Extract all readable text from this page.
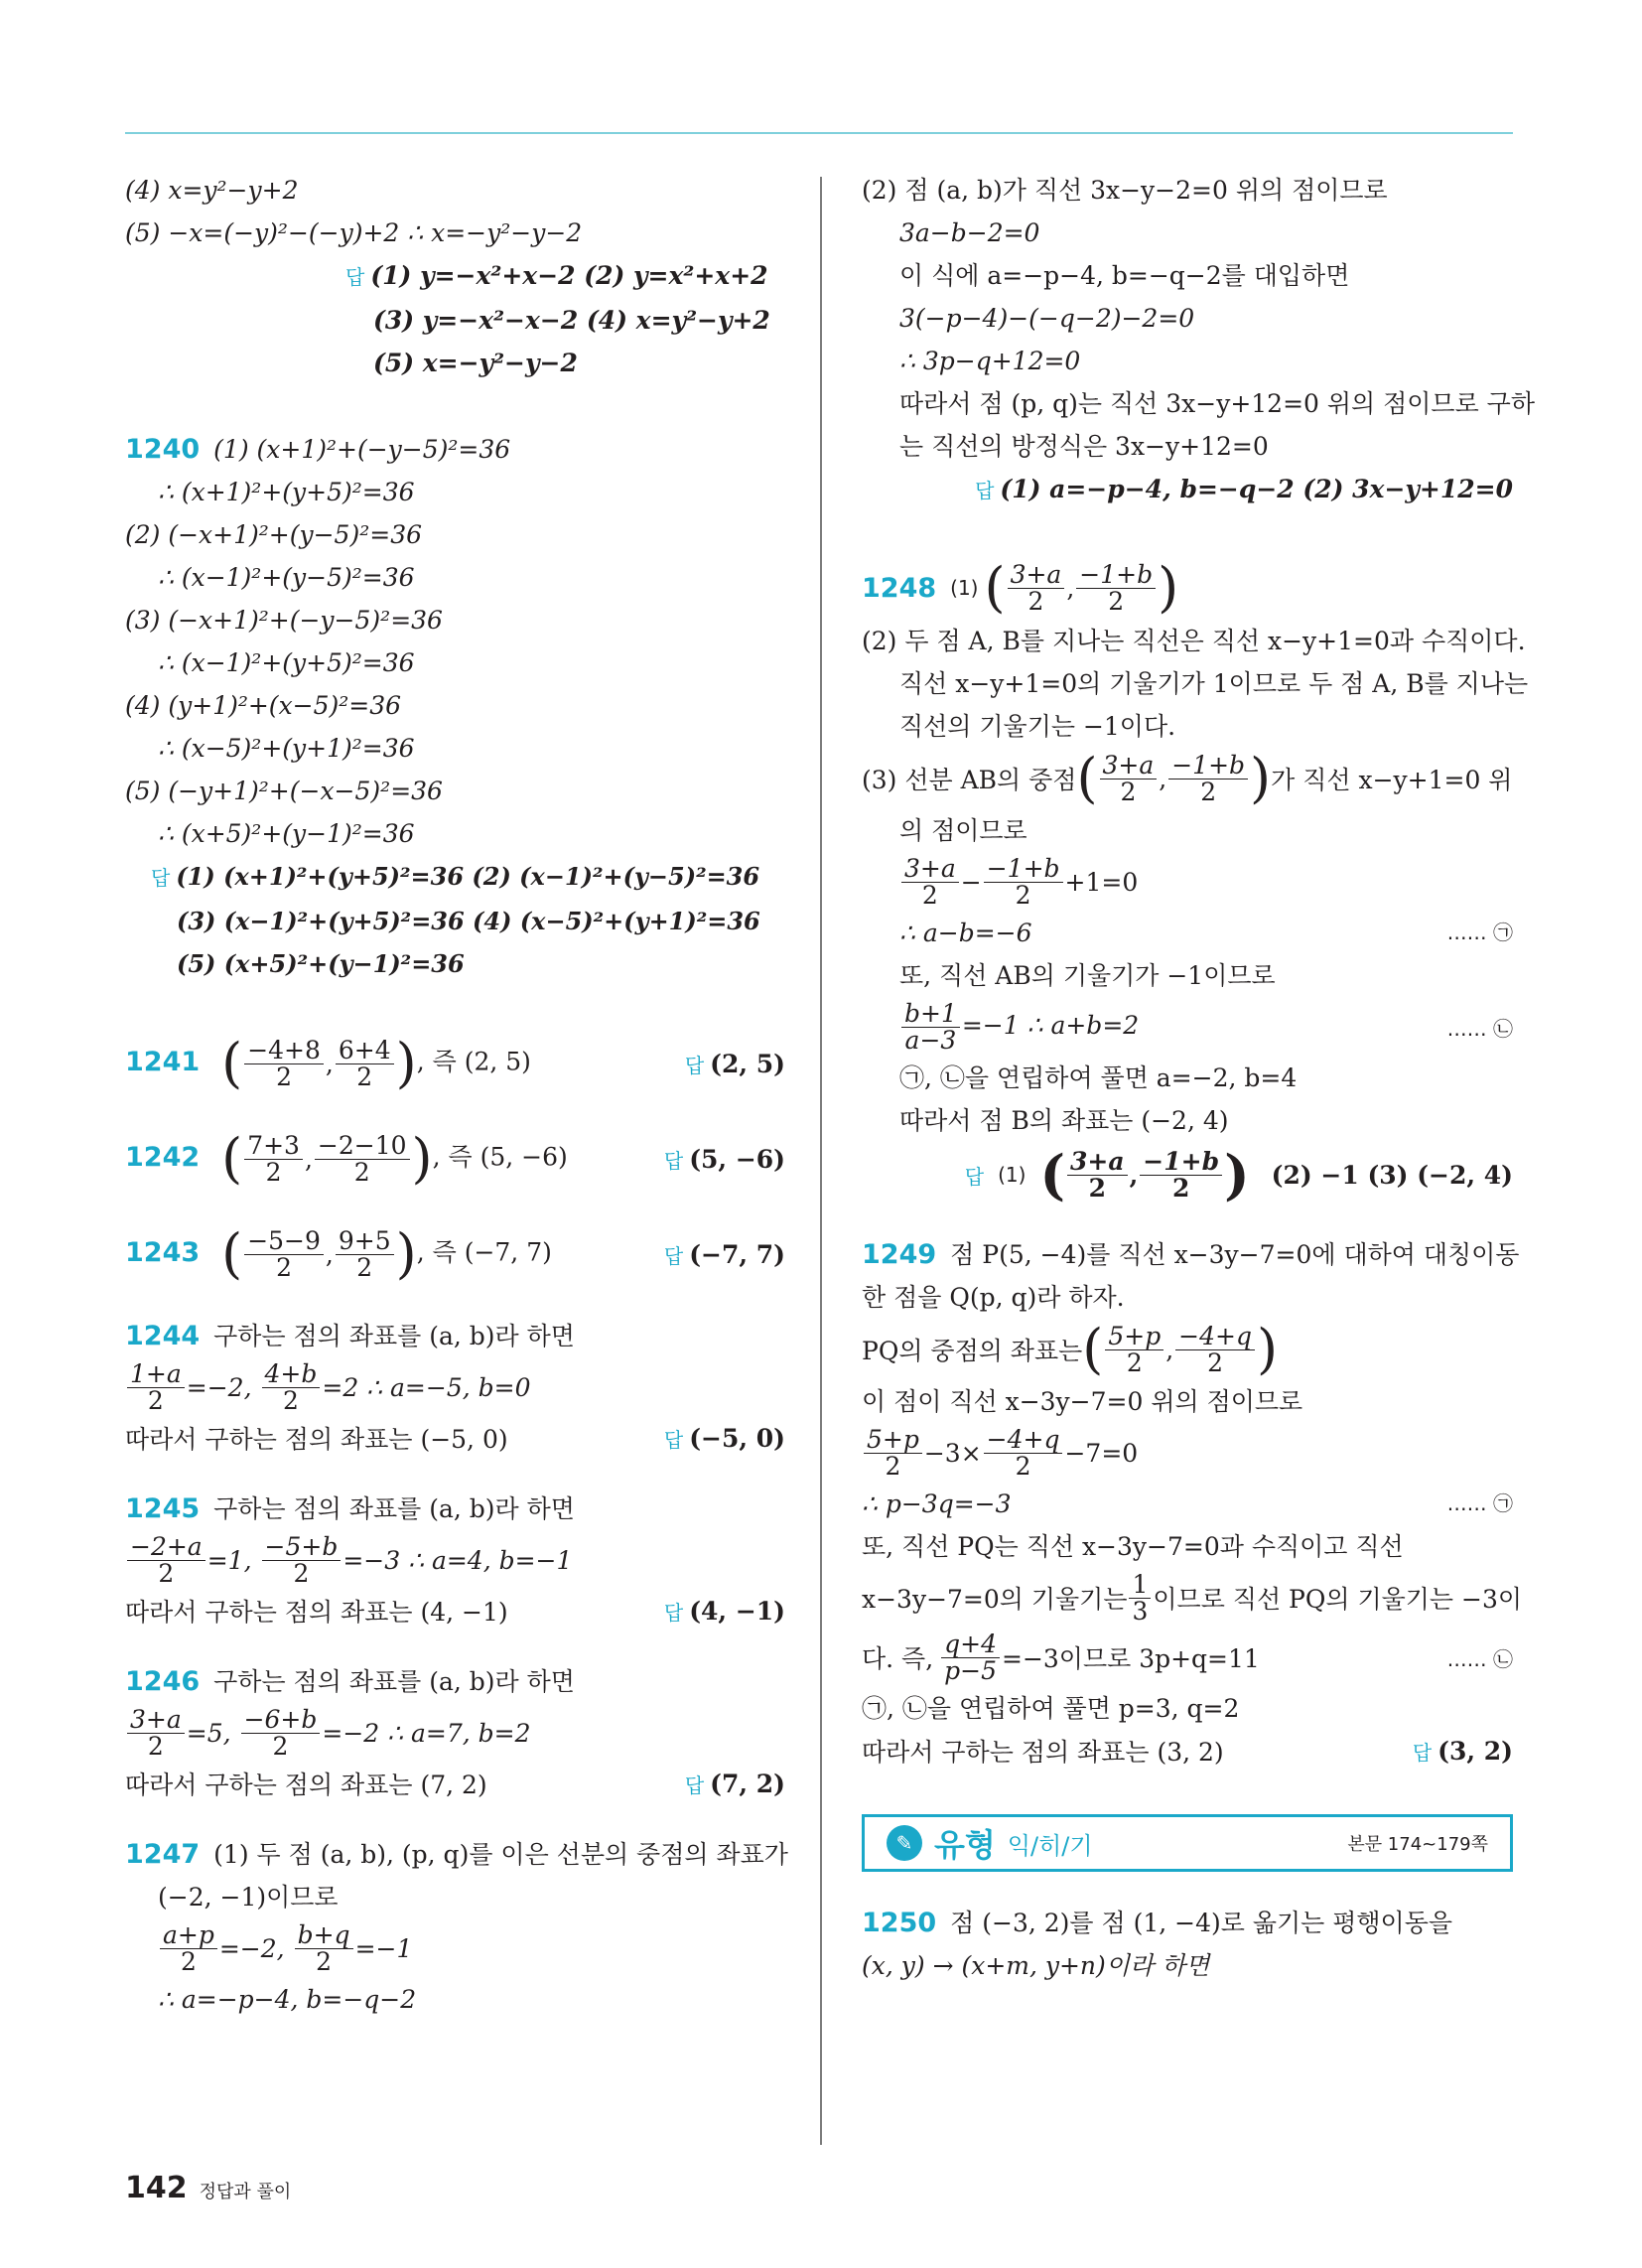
(4) x=y²−y+2
(5) −x=(−y)²−(−y)+2 ∴ x=−y²−y−2
답 (1) y=−x²+x−2 (2) y=x²+x+2
(3) y=−x²−x−2 (4) x=y²−y+2
(5) x=−y²−y−2
1240 (1) (x+1)²+(−y−5)²=36
∴ (x+1)²+(y+5)²=36
(2) (−x+1)²+(y−5)²=36
∴ (x−1)²+(y−5)²=36
(3) (−x+1)²+(−y−5)²=36
∴ (x−1)²+(y+5)²=36
(4) (y+1)²+(x−5)²=36
∴ (x−5)²+(y+1)²=36
(5) (−y+1)²+(−x−5)²=36
∴ (x+5)²+(y−1)²=36
답 (1) (x+1)²+(y+5)²=36 (2) (x−1)²+(y−5)²=36
(3) (x−1)²+(y+5)²=36 (4) (x−5)²+(y+1)²=36
(5) (x+5)²+(y−1)²=36
1241 ( $\frac{-4+8}{2}$ , $\frac{6+4}{2}$ ) , 즉 (2, 5)	답 (2, 5)
1242 ( $\frac{7+3}{2}$ , $\frac{-2-10}{2}$ ) , 즉 (5, −6)	답 (5, −6)
1243 ( $\frac{-5-9}{2}$ , $\frac{9+5}{2}$ ) , 즉 (−7, 7)	답 (−7, 7)
1244 구하는 점의 좌표를 (a, b)라 하면
$\frac{1+a}{2} =-2$, $\frac{4+b}{2} =2$ ∴ a=−5, b=0
따라서 구하는 점의 좌표는 (−5, 0)	답 (−5, 0)
1245 구하는 점의 좌표를 (a, b)라 하면
$\frac{-2+a}{2} =1$, $\frac{-5+b}{2} =-3$ ∴ a=4, b=−1
따라서 구하는 점의 좌표는 (4, −1)	답 (4, −1)
1246 구하는 점의 좌표를 (a, b)라 하면
$\frac{3+a}{2} =5$, $\frac{-6+b}{2} =-2$ ∴ a=7, b=2
따라서 구하는 점의 좌표는 (7, 2)	답 (7, 2)
1247 (1) 두 점 (a, b), (p, q)를 이은 선분의 중점의 좌표가
(−2, −1)이므로
$\frac{a+p}{2} =-2$, $\frac{b+q}{2} =-1$
∴ a=−p−4, b=−q−2
(2) 점 (a, b)가 직선 3x−y−2=0 위의 점이므로
3a−b−2=0
이 식에 a=−p−4, b=−q−2를 대입하면
3(−p−4)−(−q−2)−2=0
∴ 3p−q+12=0
따라서 점 (p, q)는 직선 3x−y+12=0 위의 점이므로 구하
는 직선의 방정식은 3x−y+12=0
답 (1) a=−p−4, b=−q−2 (2) 3x−y+12=0
1248 (1) ( $\frac{3+a}{2}$ , $\frac{-1+b}{2}$ )
(2) 두 점 A, B를 지나는 직선은 직선 x−y+1=0과 수직이다.
직선 x−y+1=0의 기울기가 1이므로 두 점 A, B를 지나는
직선의 기울기는 −1이다.
(3) 선분 AB의 중점 ( $\frac{3+a}{2}$ , $\frac{-1+b}{2}$ ) 가 직선 x−y+1=0 위
의 점이므로
$\frac{3+a}{2} - \frac{-1+b}{2} +1=0$
∴ a−b=−6	…… ㉠
또, 직선 AB의 기울기가 −1이므로
$\frac{b+1}{a-3} =-1$ ∴ a+b=2	…… ㉡
㉠, ㉡을 연립하여 풀면 a=−2, b=4
따라서 점 B의 좌표는 (−2, 4)
답 (1) ( $\frac{3+a}{2}$ , $\frac{-1+b}{2}$ ) (2) −1 (3) (−2, 4)
1249 점 P(5, −4)를 직선 x−3y−7=0에 대하여 대칭이동
한 점을 Q(p, q)라 하자.
PQ의 중점의 좌표는 ( $\frac{5+p}{2}$ , $\frac{-4+q}{2}$ )
이 점이 직선 x−3y−7=0 위의 점이므로
$\frac{5+p}{2} -3\times \frac{-4+q}{2} -7=0$
∴ p−3q=−3	…… ㉠
또, 직선 PQ는 직선 x−3y−7=0과 수직이고 직선
x−3y−7=0의 기울기는 $\frac{1}{3}$ 이므로 직선 PQ의 기울기는 −3이
다. 즉, $\frac{q+4}{p-5} =-3$이므로 3p+q=11	…… ㉡
㉠, ㉡을 연립하여 풀면 p=3, q=2
따라서 구하는 점의 좌표는 (3, 2)	답 (3, 2)
✎ 유형 익/히/기	본문 174~179쪽
1250 점 (−3, 2)를 점 (1, −4)로 옮기는 평행이동을
(x, y) → (x+m, y+n)이라 하면
142 정답과 풀이
